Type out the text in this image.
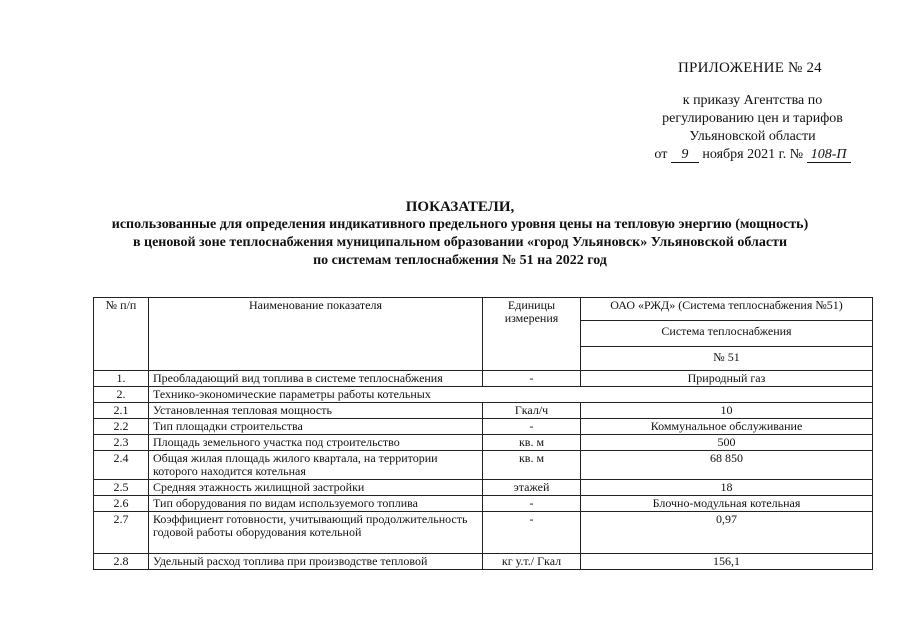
ПРИЛОЖЕНИЕ № 24
к приказу Агентства по
регулированию цен и тарифов
Ульяновской области
от 9 ноября 2021 г. № 108-П
ПОКАЗАТЕЛИ,
использованные для определения индикативного предельного уровня цены на тепловую энергию (мощность)
в ценовой зоне теплоснабжения муниципальном образовании «город Ульяновск» Ульяновской области
по системам теплоснабжения № 51 на 2022 год
№ п/п	Наименование показателя	Единицы измерения	ОАО «РЖД» (Система теплоснабжения №51)
			Система теплоснабжения
			№ 51
1.	Преобладающий вид топлива в системе теплоснабжения	-	Природный газ
2.	Технико-экономические параметры работы котельных		
2.1	Установленная тепловая мощность	Гкал/ч	10
2.2	Тип площадки строительства	-	Коммунальное обслуживание
2.3	Площадь земельного участка под строительство	кв. м	500
2.4	Общая жилая площадь жилого квартала, на территории которого находится котельная	кв. м	68 850
2.5	Средняя этажность жилищной застройки	этажей	18
2.6	Тип оборудования по видам используемого топлива	-	Блочно-модульная котельная
2.7	Коэффициент готовности, учитывающий продолжительность годовой работы оборудования котельной	-	0,97
2.8	Удельный расход топлива при производстве тепловой	кг у.т./ Гкал	156,1
